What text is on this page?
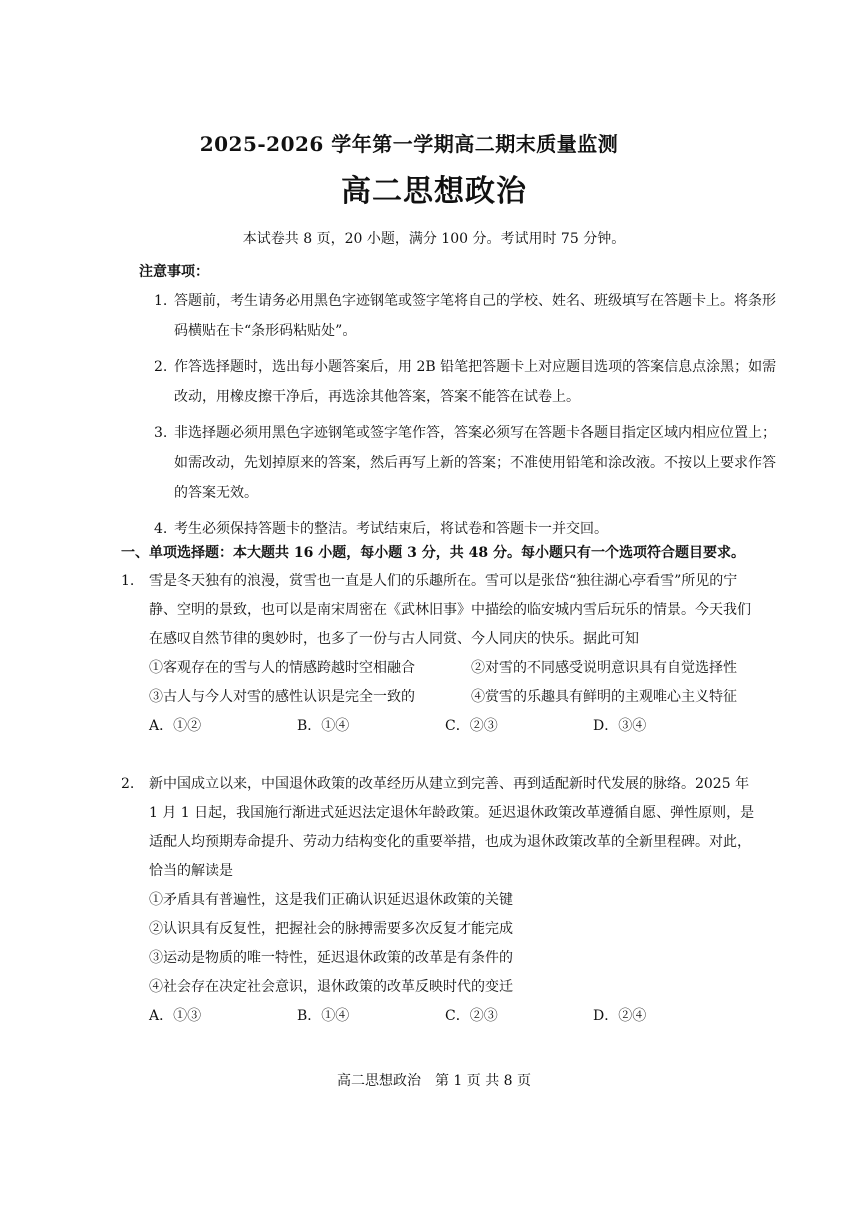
2025-2026 学年第一学期高二期末质量监测
高二思想政治
本试卷共 8 页，20 小题，满分 100 分。考试用时 75 分钟。
注意事项：
1. 答题前，考生请务必用黑色字迹钢笔或签字笔将自己的学校、姓名、班级填写在答题卡上。将条形码横贴在卡“条形码粘贴处”。
2. 作答选择题时，选出每小题答案后，用 2B 铅笔把答题卡上对应题目选项的答案信息点涂黑；如需改动，用橡皮擦干净后，再选涂其他答案，答案不能答在试卷上。
3. 非选择题必须用黑色字迹钢笔或签字笔作答，答案必须写在答题卡各题目指定区域内相应位置上；如需改动，先划掉原来的答案，然后再写上新的答案；不准使用铅笔和涂改液。不按以上要求作答的答案无效。
4. 考生必须保持答题卡的整洁。考试结束后，将试卷和答题卡一并交回。
一、单项选择题：本大题共 16 小题，每小题 3 分，共 48 分。每小题只有一个选项符合题目要求。
1.	雪是冬天独有的浪漫，赏雪也一直是人们的乐趣所在。雪可以是张岱“独往湖心亭看雪”所见的宁静、空明的景致，也可以是南宋周密在《武林旧事》中描绘的临安城内雪后玩乐的情景。今天我们在感叹自然节律的奥妙时，也多了一份与古人同赏、今人同庆的快乐。据此可知
①客观存在的雪与人的情感跨越时空相融合	②对雪的不同感受说明意识具有自觉选择性
③古人与今人对雪的感性认识是完全一致的	④赏雪的乐趣具有鲜明的主观唯心主义特征
A．①②	B．①④	C．②③	D．③④
2.	新中国成立以来，中国退休政策的改革经历从建立到完善、再到适配新时代发展的脉络。2025 年 1 月 1 日起，我国施行渐进式延迟法定退休年龄政策。延迟退休政策改革遵循自愿、弹性原则，是适配人均预期寿命提升、劳动力结构变化的重要举措，也成为退休政策改革的全新里程碑。对此，恰当的解读是
①矛盾具有普遍性，这是我们正确认识延迟退休政策的关键
②认识具有反复性，把握社会的脉搏需要多次反复才能完成
③运动是物质的唯一特性，延迟退休政策的改革是有条件的
④社会存在决定社会意识，退休政策的改革反映时代的变迁
A．①③	B．①④	C．②③	D．②④
高二思想政治　第 1 页 共 8 页
